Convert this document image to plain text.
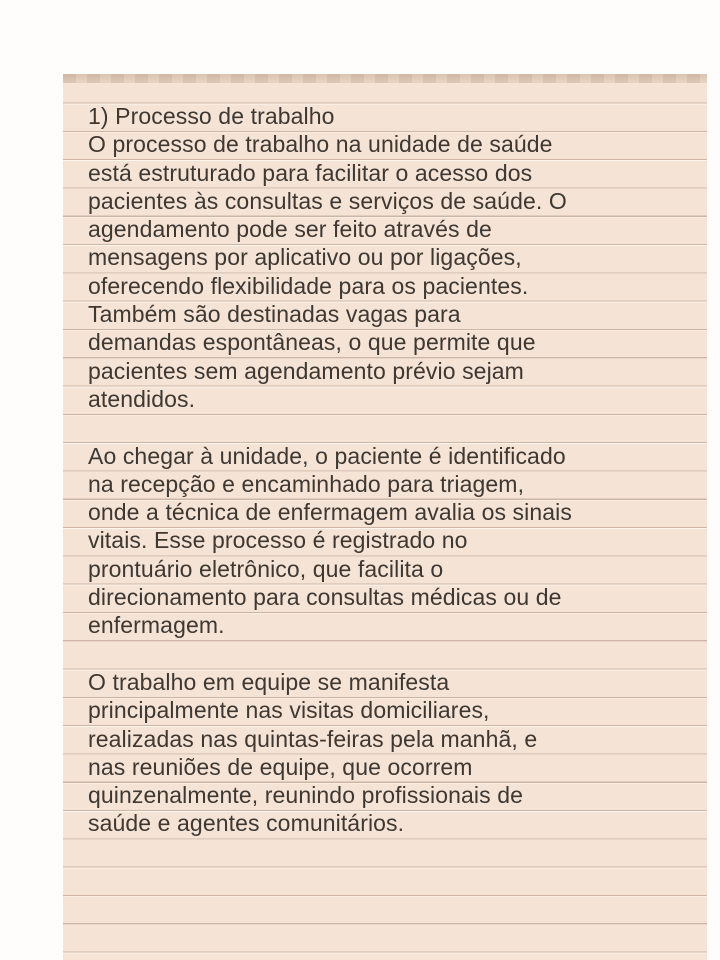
1) Processo de trabalho
O processo de trabalho na unidade de saúde
está estruturado para facilitar o acesso dos
pacientes às consultas e serviços de saúde. O
agendamento pode ser feito através de
mensagens por aplicativo ou por ligações,
oferecendo flexibilidade para os pacientes.
Também são destinadas vagas para
demandas espontâneas, o que permite que
pacientes sem agendamento prévio sejam
atendidos.
Ao chegar à unidade, o paciente é identificado
na recepção e encaminhado para triagem,
onde a técnica de enfermagem avalia os sinais
vitais. Esse processo é registrado no
prontuário eletrônico, que facilita o
direcionamento para consultas médicas ou de
enfermagem.
O trabalho em equipe se manifesta
principalmente nas visitas domiciliares,
realizadas nas quintas-feiras pela manhã, e
nas reuniões de equipe, que ocorrem
quinzenalmente, reunindo profissionais de
saúde e agentes comunitários.
